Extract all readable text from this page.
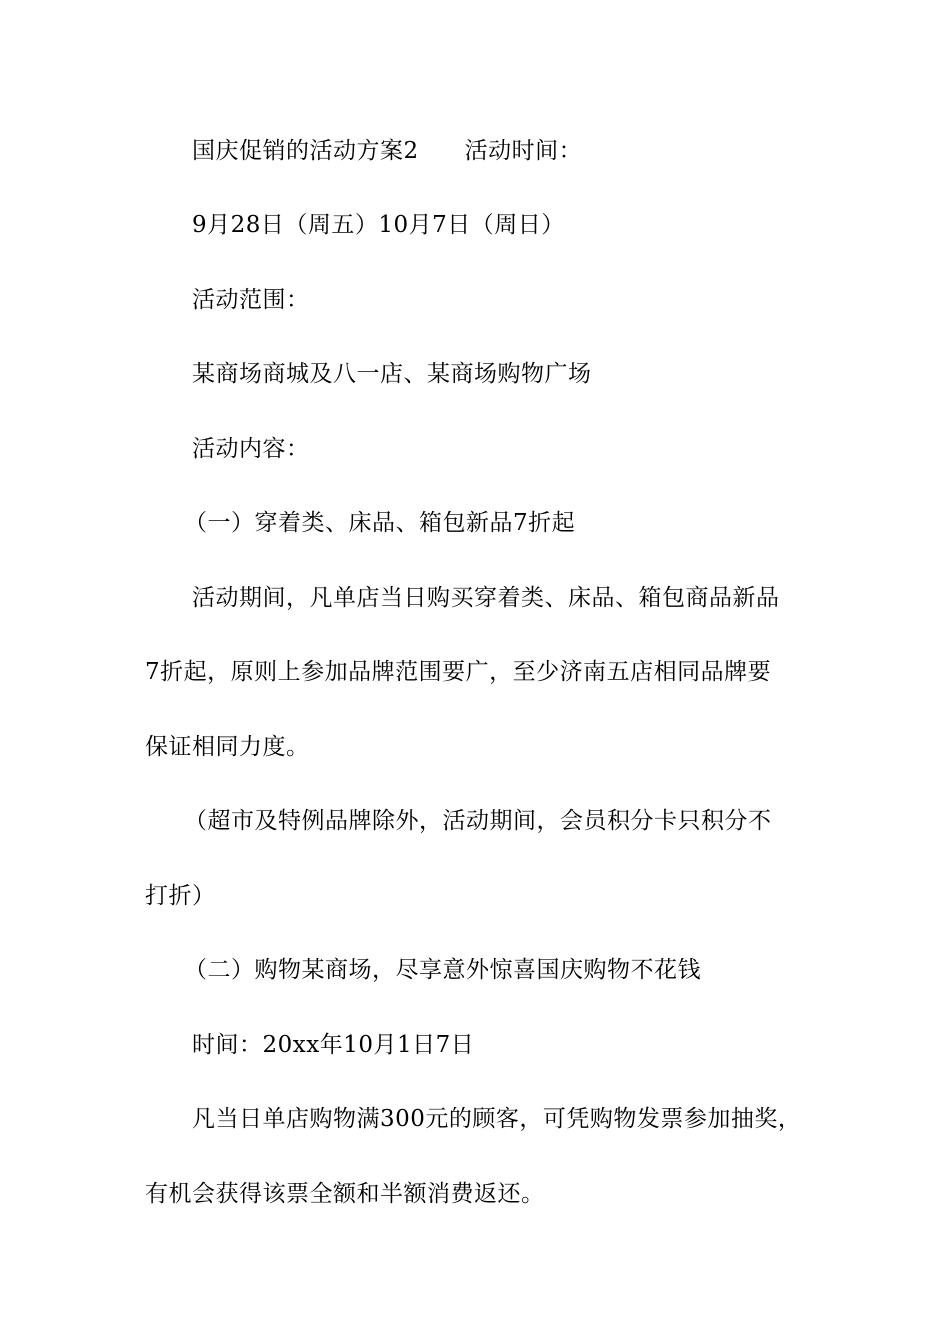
国庆促销的活动方案2 活动时间：
9月28日（周五）10月7日（周日）
活动范围：
某商场商城及八一店、某商场购物广场
活动内容：
（一）穿着类、床品、箱包新品7折起
活动期间，凡单店当日购买穿着类、床品、箱包商品新品
7折起，原则上参加品牌范围要广，至少济南五店相同品牌要
保证相同力度。
（超市及特例品牌除外，活动期间，会员积分卡只积分不
打折）
（二）购物某商场，尽享意外惊喜国庆购物不花钱
时间：20xx年10月1日7日
凡当日单店购物满300元的顾客，可凭购物发票参加抽奖，
有机会获得该票全额和半额消费返还。
